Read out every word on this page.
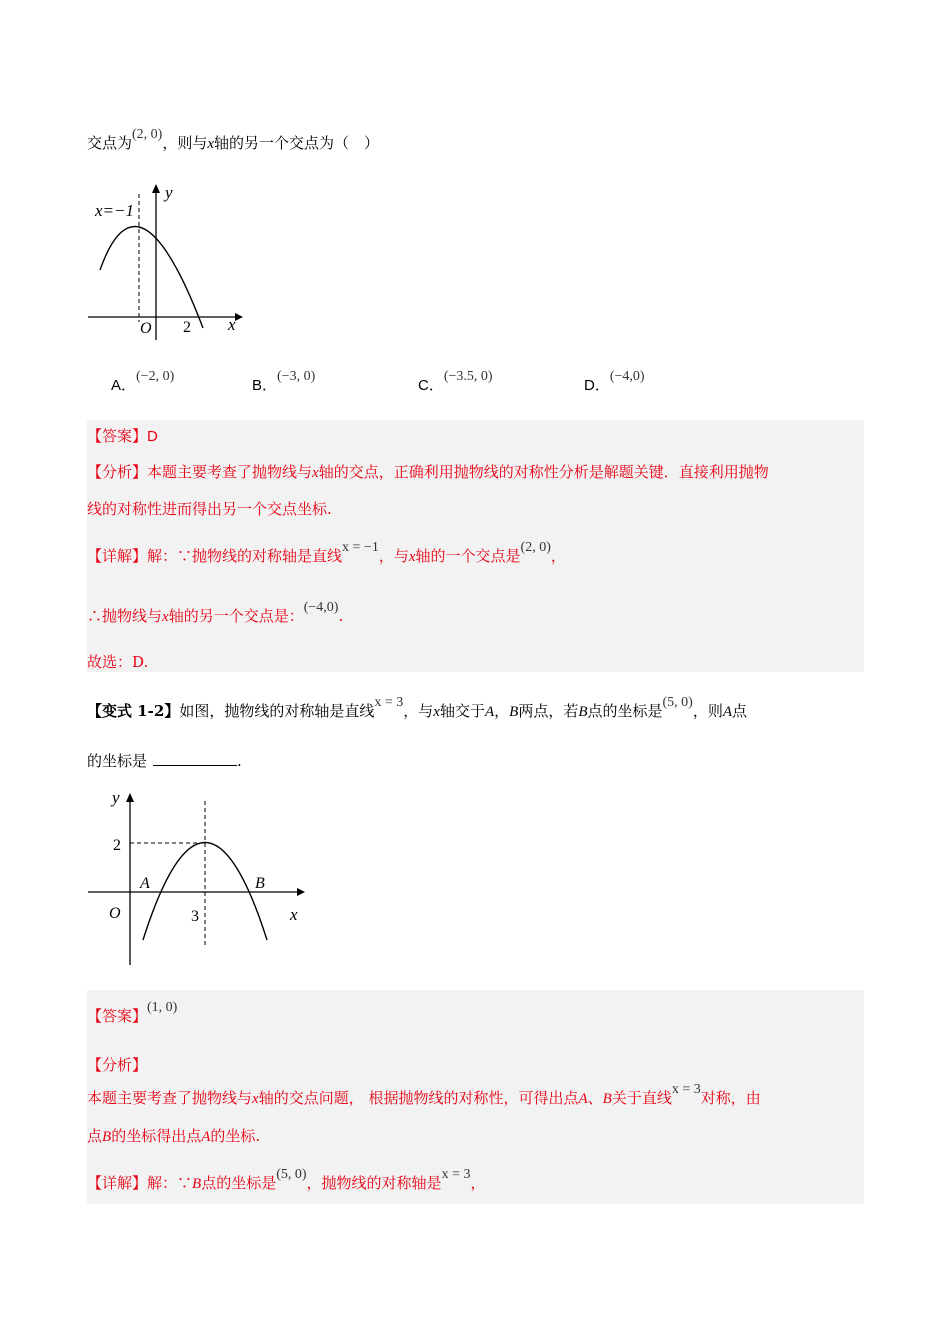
交点为(2, 0)，则与x轴的另一个交点为（　）
x=−1
y
x
O 2
A．(−2, 0)
B．(−3, 0)
C．(−3.5, 0)
D．(−4,0)
【答案】D
【分析】本题主要考查了抛物线与x轴的交点，正确利用抛物线的对称性分析是解题关键．直接利用抛物
线的对称性进而得出另一个交点坐标.
【详解】解：∵抛物线的对称轴是直线x = −1，与x轴的一个交点是(2, 0)，
∴抛物线与x轴的另一个交点是：(−4,0).
故选：D.
【变式 1-2】如图，抛物线的对称轴是直线x = 3，与x轴交于A，B两点，若B点的坐标是(5, 0)，则A点
的坐标是	.
y
x
O
2
3
A	B
【答案】(1, 0)
【分析】
本题主要考查了抛物线与x轴的交点问题， 根据抛物线的对称性，可得出点A、B关于直线x = 3对称，由
点B的坐标得出点A的坐标.
【详解】解：∵B点的坐标是(5, 0)，抛物线的对称轴是x = 3，
